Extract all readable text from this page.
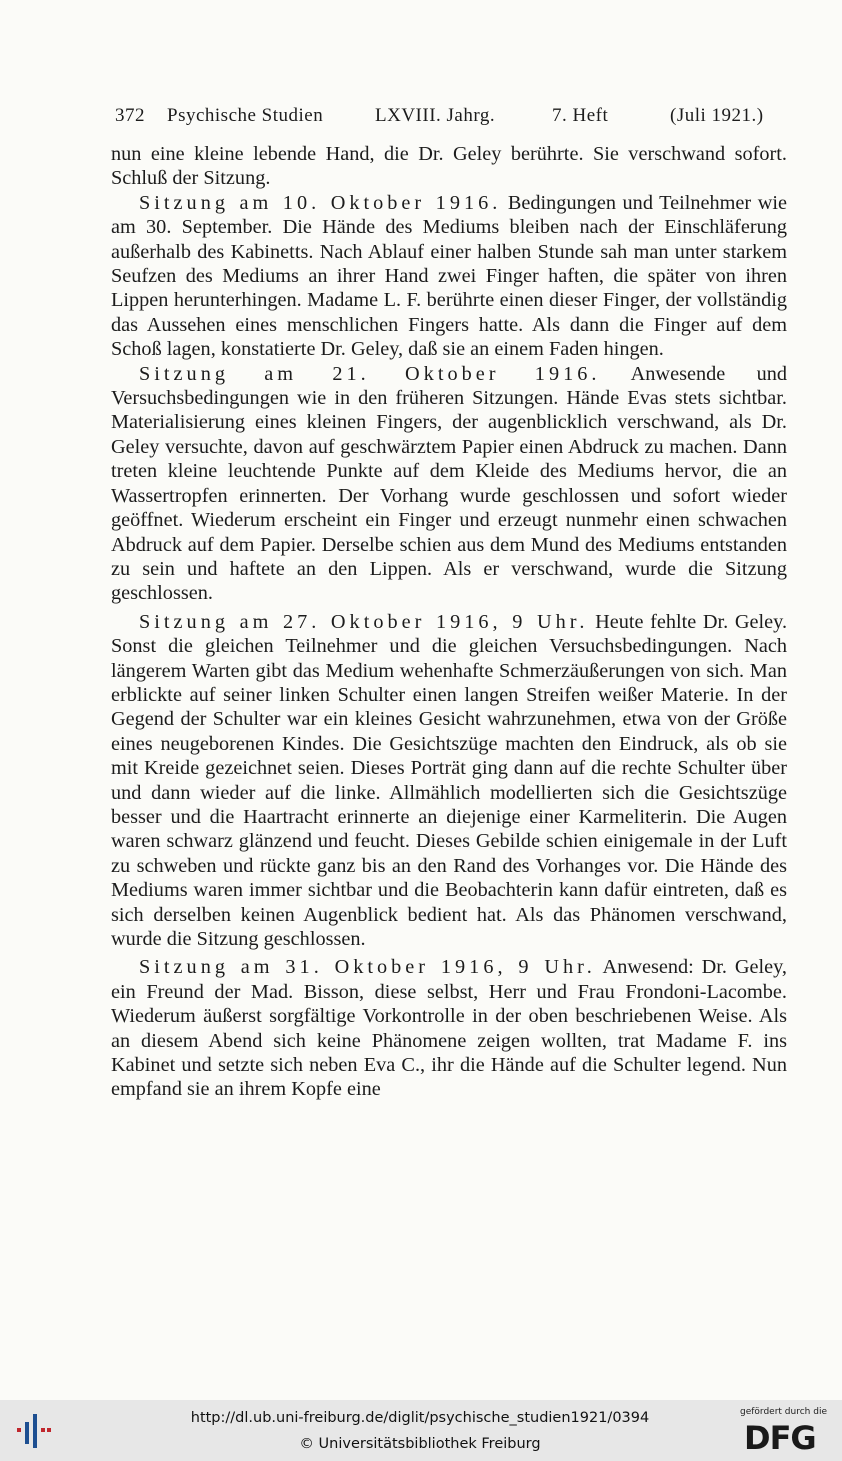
372 Psychische Studien	LXVIII. Jahrg.	7. Heft	(Juli 1921.)

nun eine kleine lebende Hand, die Dr. Geley berührte. Sie verschwand sofort. Schluß der Sitzung.

Sitzung am 10. Oktober 1916. Bedingungen und Teilnehmer wie am 30. September. Die Hände des Mediums bleiben nach der Einschläferung außerhalb des Kabinetts. Nach Ablauf einer halben Stunde sah man unter starkem Seufzen des Mediums an ihrer Hand zwei Finger haften, die später von ihren Lippen herunterhingen. Madame L. F. berührte einen dieser Finger, der vollständig das Aussehen eines menschlichen Fingers hatte. Als dann die Finger auf dem Schoß lagen, konstatierte Dr. Geley, daß sie an einem Faden hingen.

Sitzung am 21. Oktober 1916. Anwesende und Versuchsbedingungen wie in den früheren Sitzungen. Hände Evas stets sichtbar. Materialisierung eines kleinen Fingers, der augenblicklich verschwand, als Dr. Geley versuchte, davon auf geschwärztem Papier einen Abdruck zu machen. Dann treten kleine leuchtende Punkte auf dem Kleide des Mediums hervor, die an Wassertropfen erinnerten. Der Vorhang wurde geschlossen und sofort wieder geöffnet. Wiederum erscheint ein Finger und erzeugt nunmehr einen schwachen Abdruck auf dem Papier. Derselbe schien aus dem Mund des Mediums entstanden zu sein und haftete an den Lippen. Als er verschwand, wurde die Sitzung geschlossen.

Sitzung am 27. Oktober 1916, 9 Uhr. Heute fehlte Dr. Geley. Sonst die gleichen Teilnehmer und die gleichen Versuchsbedingungen. Nach längerem Warten gibt das Medium wehenhafte Schmerzäußerungen von sich. Man erblickte auf seiner linken Schulter einen langen Streifen weißer Materie. In der Gegend der Schulter war ein kleines Gesicht wahrzunehmen, etwa von der Größe eines neugeborenen Kindes. Die Gesichtszüge machten den Eindruck, als ob sie mit Kreide gezeichnet seien. Dieses Porträt ging dann auf die rechte Schulter über und dann wieder auf die linke. Allmählich modellierten sich die Gesichtszüge besser und die Haartracht erinnerte an diejenige einer Karmeliterin. Die Augen waren schwarz glänzend und feucht. Dieses Gebilde schien einigemale in der Luft zu schweben und rückte ganz bis an den Rand des Vorhanges vor. Die Hände des Mediums waren immer sichtbar und die Beobachterin kann dafür eintreten, daß es sich derselben keinen Augenblick bedient hat. Als das Phänomen verschwand, wurde die Sitzung geschlossen.

Sitzung am 31. Oktober 1916, 9 Uhr. Anwesend: Dr. Geley, ein Freund der Mad. Bisson, diese selbst, Herr und Frau Frondoni-Lacombe. Wiederum äußerst sorgfältige Vorkontrolle in der oben beschriebenen Weise. Als an diesem Abend sich keine Phänomene zeigen wollten, trat Madame F. ins Kabinet und setzte sich neben Eva C., ihr die Hände auf die Schulter legend. Nun empfand sie an ihrem Kopfe eine

http://dl.ub.uni-freiburg.de/diglit/psychische_studien1921/0394
© Universitätsbibliothek Freiburg
gefördert durch die
DFG
